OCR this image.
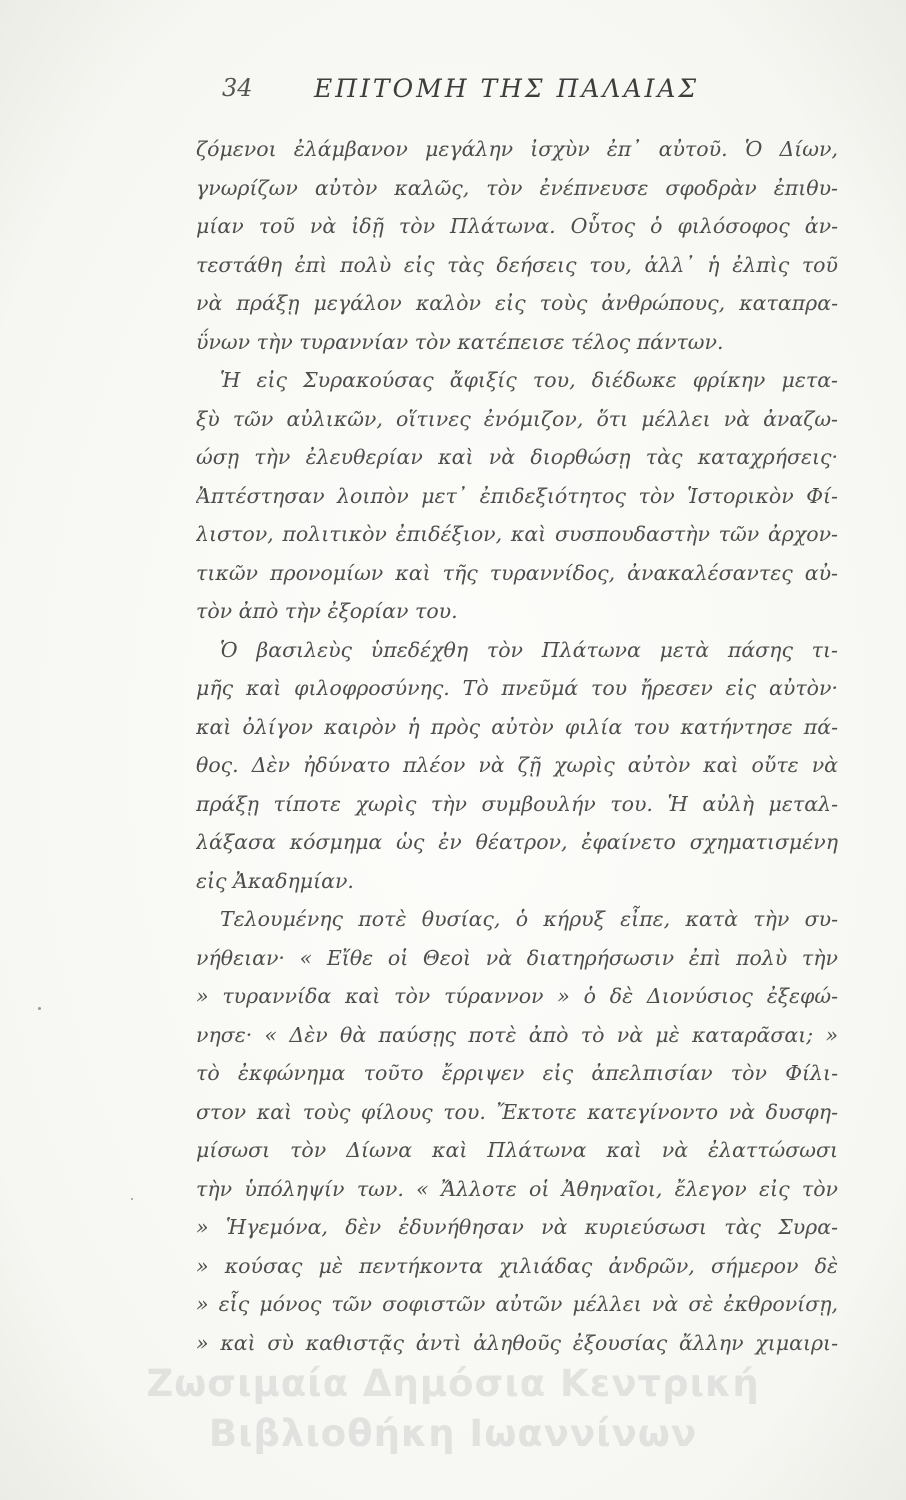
34 ΕΠΙΤΟΜΗ ΤΗΣ ΠΑΛΑΙΑΣ
ζόμενοι ἐλάμβανον μεγάλην ἰσχὺν ἐπ᾿ αὐτοῦ. Ὁ Δίων,
γνωρίζων αὐτὸν καλῶς, τὸν ἐνέπνευσε σφοδρὰν ἐπιθυ-
μίαν τοῦ νὰ ἰδῇ τὸν Πλάτωνα. Οὗτος ὁ φιλόσοφος ἀν-
τεστάθη ἐπὶ πολὺ εἰς τὰς δεήσεις του, ἀλλ᾿ ἡ ἐλπὶς τοῦ
νὰ πράξῃ μεγάλον καλὸν εἰς τοὺς ἀνθρώπους, καταπρα-
ΰνων τὴν τυραννίαν τὸν κατέπεισε τέλος πάντων.
Ἡ εἰς Συρακούσας ἄφιξίς του, διέδωκε φρίκην μετα-
ξὺ τῶν αὐλικῶν, οἵτινες ἐνόμιζον, ὅτι μέλλει νὰ ἀναζω-
ώσῃ τὴν ἐλευθερίαν καὶ νὰ διορθώσῃ τὰς καταχρήσεις·
Ἀπτέστησαν λοιπὸν μετ᾿ ἐπιδεξιότητος τὸν Ἱστορικὸν Φί-
λιστον, πολιτικὸν ἐπιδέξιον, καὶ συσπουδαστὴν τῶν ἀρχον-
τικῶν προνομίων καὶ τῆς τυραννίδος, ἀνακαλέσαντες αὐ-
τὸν ἀπὸ τὴν ἐξορίαν του.
Ὁ βασιλεὺς ὑπεδέχθη τὸν Πλάτωνα μετὰ πάσης τι-
μῆς καὶ φιλοφροσύνης. Τὸ πνεῦμά του ἤρεσεν εἰς αὐτὸν·
καὶ ὀλίγον καιρὸν ἡ πρὸς αὐτὸν φιλία του κατήντησε πά-
θος. Δὲν ἠδύνατο πλέον νὰ ζῇ χωρὶς αὐτὸν καὶ οὔτε νὰ
πράξῃ τίποτε χωρὶς τὴν συμβουλήν του. Ἡ αὐλὴ μεταλ-
λάξασα κόσμημα ὡς ἐν θέατρον, ἐφαίνετο σχηματισμένη
εἰς Ἀκαδημίαν.
Τελουμένης ποτὲ θυσίας, ὁ κήρυξ εἶπε, κατὰ τὴν συ-
νήθειαν· « Εἴθε οἱ Θεοὶ νὰ διατηρήσωσιν ἐπὶ πολὺ τὴν
» τυραννίδα καὶ τὸν τύραννον » ὁ δὲ Διονύσιος ἐξεφώ-
νησε· « Δὲν θὰ παύσῃς ποτὲ ἀπὸ τὸ νὰ μὲ καταρᾶσαι; »
τὸ ἐκφώνημα τοῦτο ἔρριψεν εἰς ἀπελπισίαν τὸν Φίλι-
στον καὶ τοὺς φίλους του. Ἔκτοτε κατεγίνοντο νὰ δυσφη-
μίσωσι τὸν Δίωνα καὶ Πλάτωνα καὶ νὰ ἐλαττώσωσι
τὴν ὑπόληψίν των. « Ἄλλοτε οἱ Ἀθηναῖοι, ἔλεγον εἰς τὸν
» Ἡγεμόνα, δὲν ἐδυνήθησαν νὰ κυριεύσωσι τὰς Συρα-
» κούσας μὲ πεντήκοντα χιλιάδας ἀνδρῶν, σήμερον δὲ
» εἷς μόνος τῶν σοφιστῶν αὐτῶν μέλλει νὰ σὲ ἐκθρονίσῃ,
» καὶ σὺ καθιστᾷς ἀντὶ ἀληθοῦς ἐξουσίας ἄλλην χιμαιρι-
Ζωσιμαία Δημόσια Κεντρική
Βιβλιοθήκη Ιωαννίνων
